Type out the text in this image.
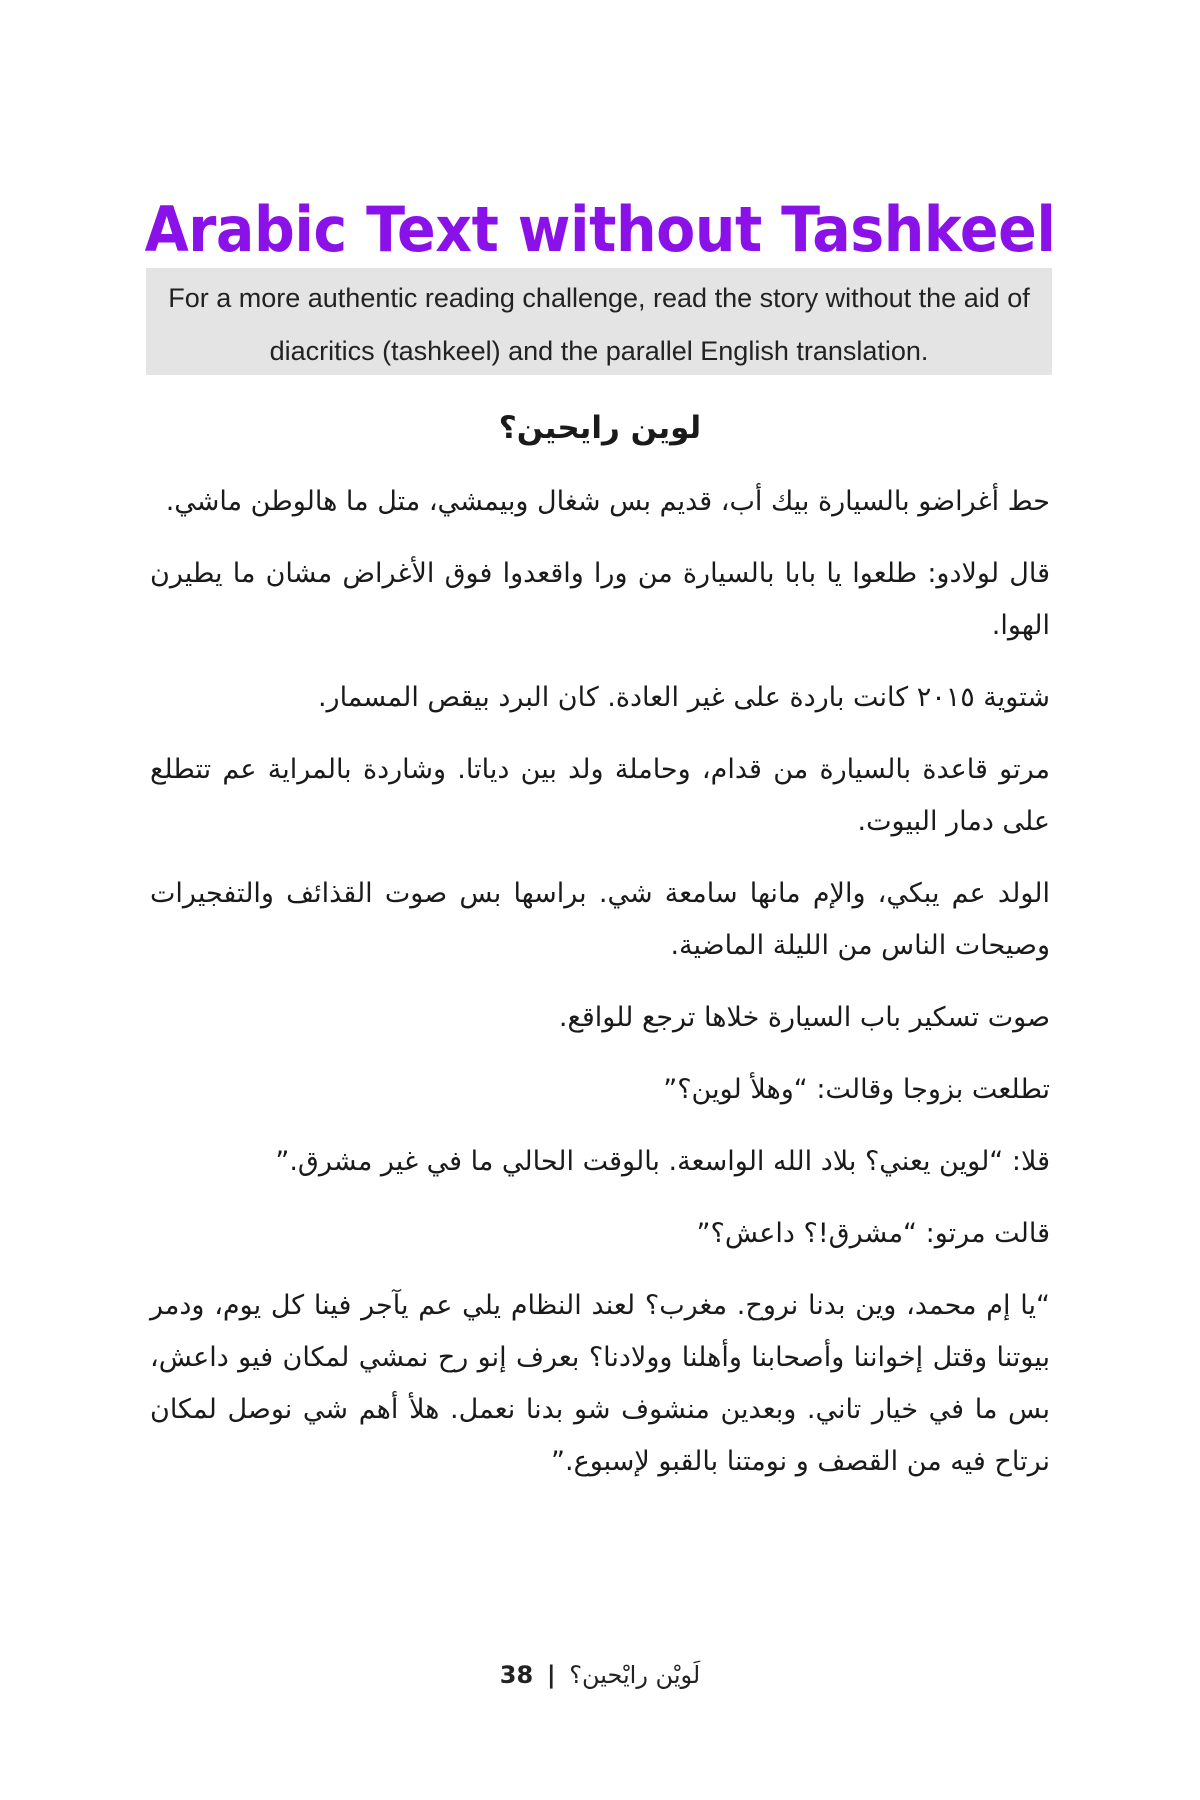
Arabic Text without Tashkeel
For a more authentic reading challenge, read the story without the aid of diacritics (tashkeel) and the parallel English translation.
لوين رايحين؟

حط أغراضو بالسيارة بيك أب، قديم بس شغال وبيمشي، متل ما هالوطن ماشي.

قال لولادو: طلعوا يا بابا بالسيارة من ورا واقعدوا فوق الأغراض مشان ما يطيرن الهوا.

شتوية ٢٠١٥ كانت باردة على غير العادة. كان البرد بيقص المسمار.

مرتو قاعدة بالسيارة من قدام، وحاملة ولد بين دياتا. وشاردة بالمراية عم تتطلع على دمار البيوت.

الولد عم يبكي، والإم مانها سامعة شي. براسها بس صوت القذائف والتفجيرات وصيحات الناس من الليلة الماضية.

صوت تسكير باب السيارة خلاها ترجع للواقع.

تطلعت بزوجا وقالت: “وهلأ لوين؟”

قلا: “لوين يعني؟ بلاد الله الواسعة. بالوقت الحالي ما في غير مشرق.”

قالت مرتو: “مشرق!؟ داعش؟”

“يا إم محمد، وين بدنا نروح. مغرب؟ لعند النظام يلي عم يآجر فينا كل يوم، ودمر بيوتنا وقتل إخواننا وأصحابنا وأهلنا وولادنا؟ بعرف إنو رح نمشي لمكان فيو داعش، بس ما في خيار تاني. وبعدين منشوف شو بدنا نعمل. هلأ أهم شي نوصل لمكان نرتاح فيه من القصف و نومتنا بالقبو لإسبوع.”

38 | لَويْن رايْحين؟
